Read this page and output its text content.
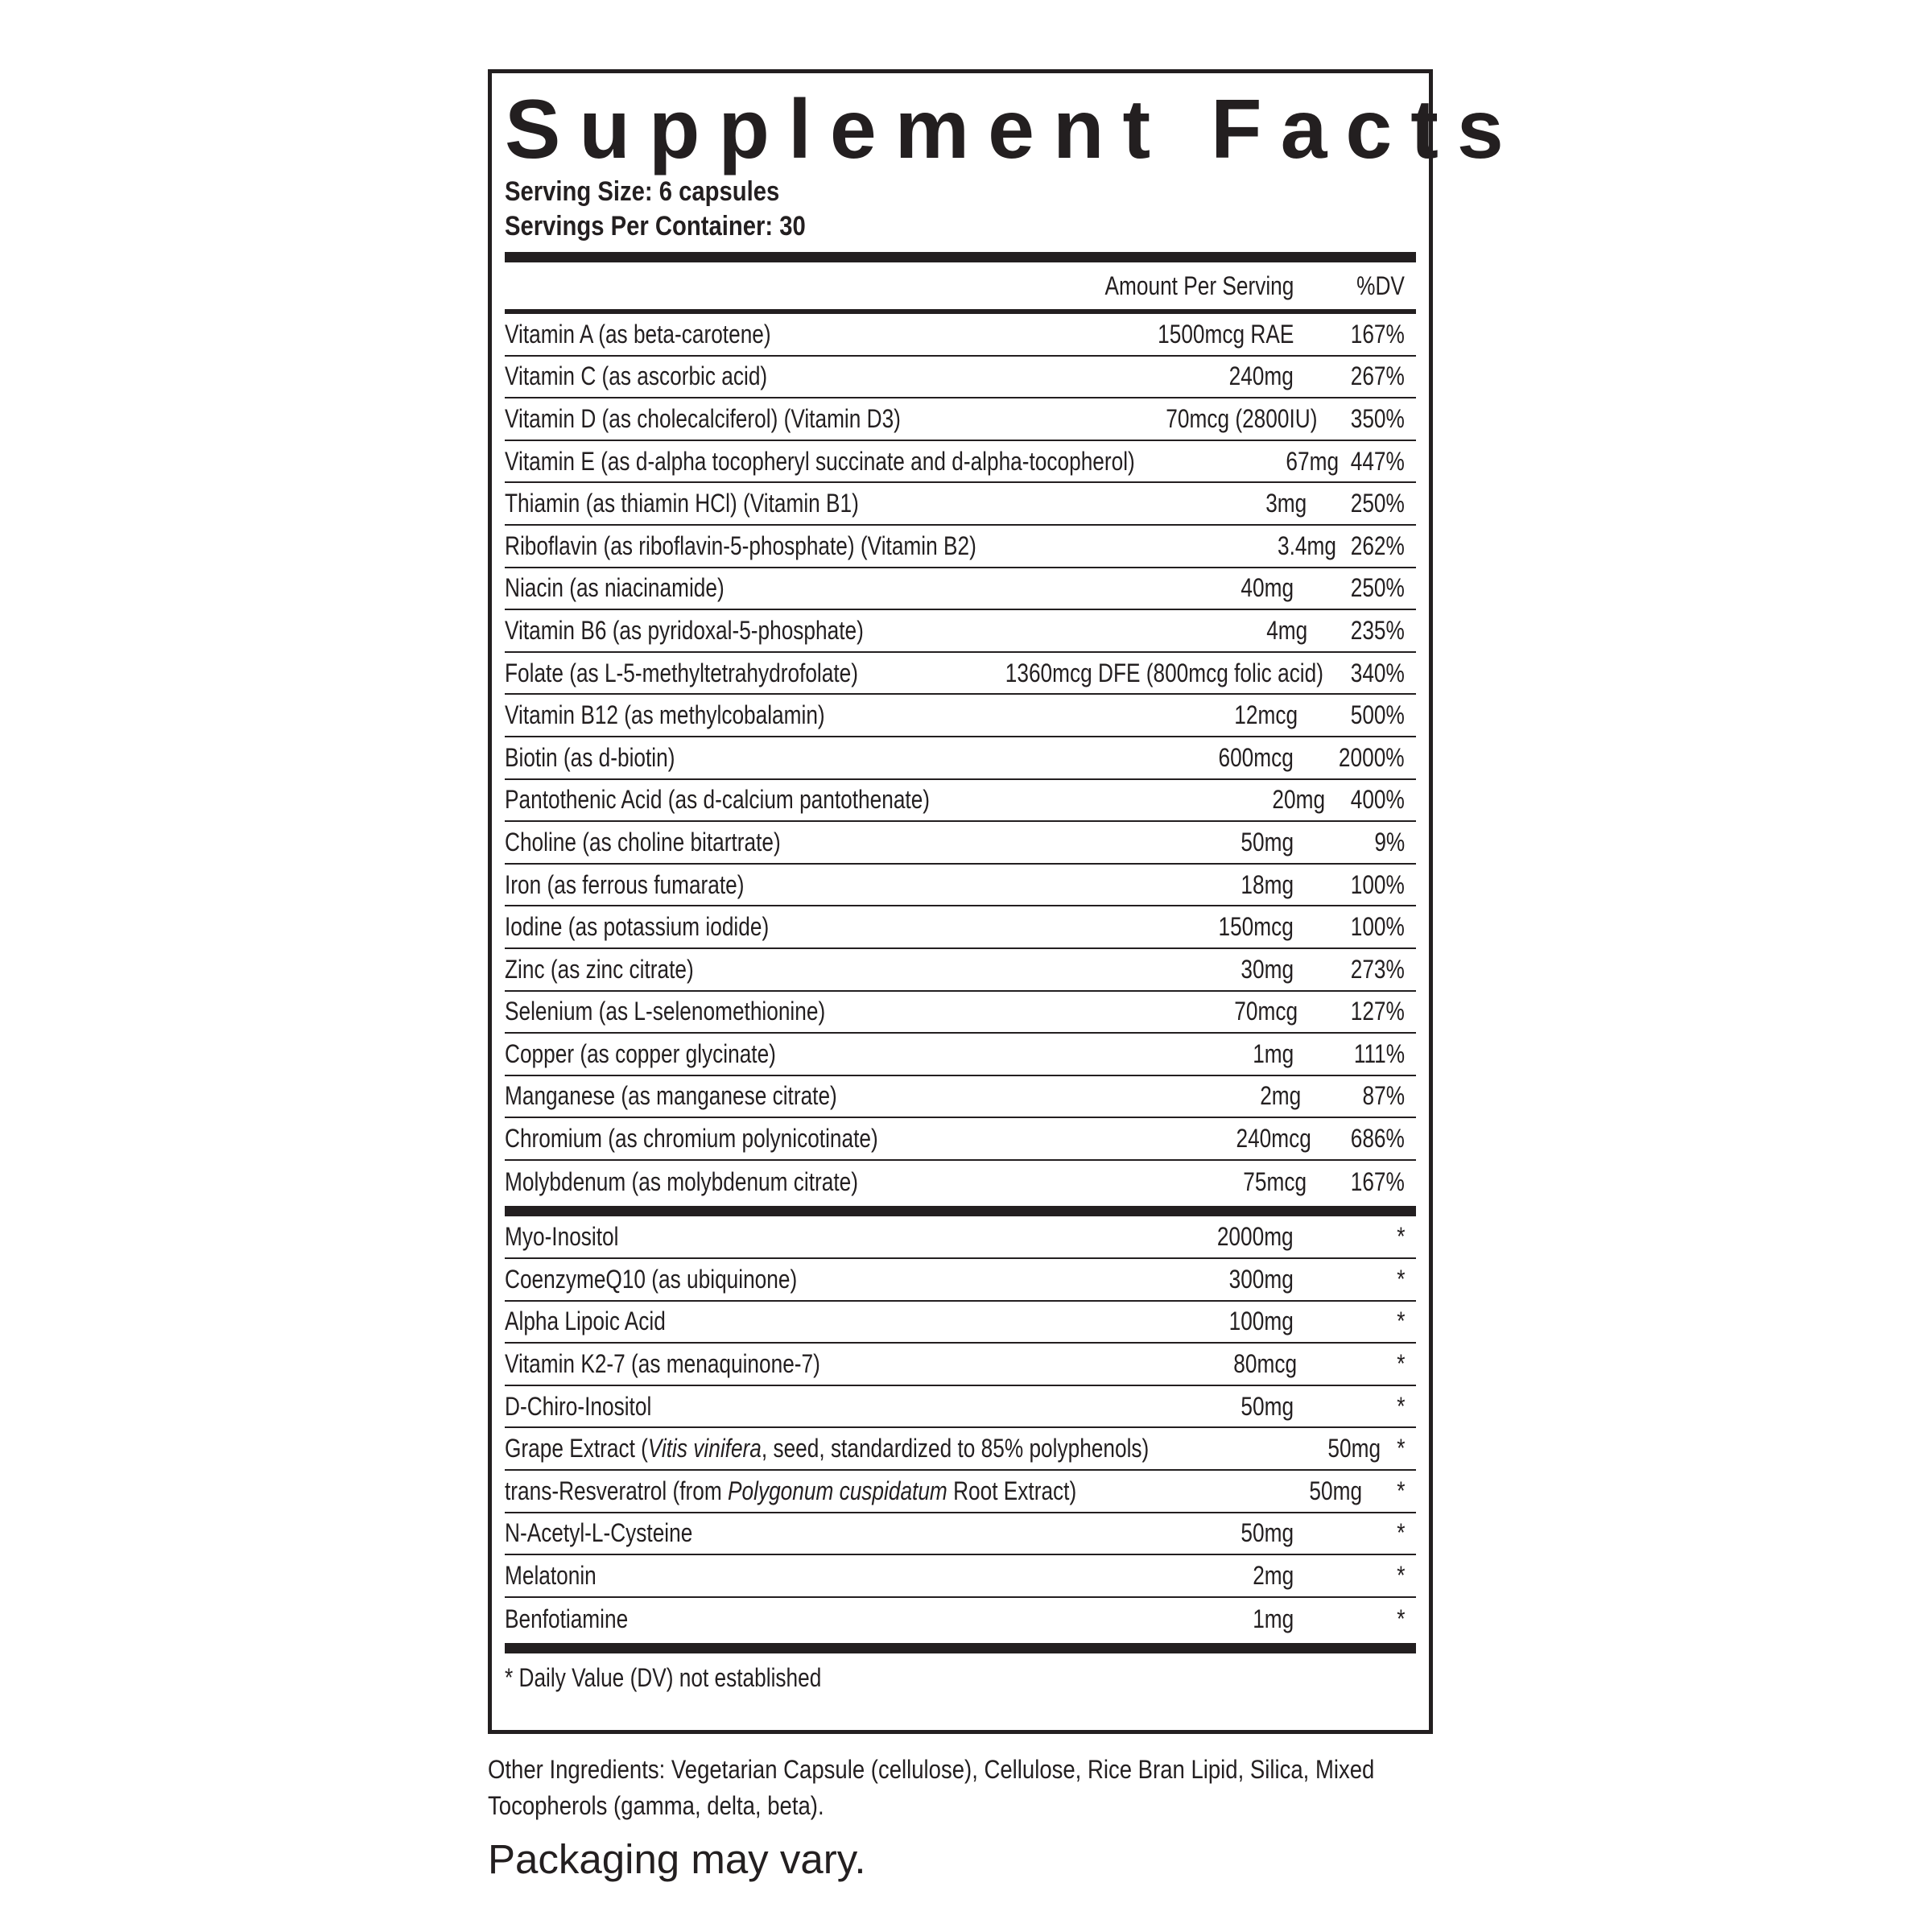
Supplement Facts
Serving Size: 6 capsules
Servings Per Container: 30
Amount Per Serving	%DV
Vitamin A (as beta-carotene)	1500mcg RAE	167%
Vitamin C (as ascorbic acid)	240mg	267%
Vitamin D (as cholecalciferol) (Vitamin D3)	70mcg (2800IU)	350%
Vitamin E (as d-alpha tocopheryl succinate and d-alpha-tocopherol)	67mg 447%
Thiamin (as thiamin HCl) (Vitamin B1)	3mg	250%
Riboflavin (as riboflavin-5-phosphate) (Vitamin B2)	3.4mg 262%
Niacin (as niacinamide)	40mg	250%
Vitamin B6 (as pyridoxal-5-phosphate)	4mg	235%
Folate (as L-5-methyltetrahydrofolate)	1360mcg DFE (800mcg folic acid)	340%
Vitamin B12 (as methylcobalamin)	12mcg	500%
Biotin (as d-biotin)	600mcg	2000%
Pantothenic Acid (as d-calcium pantothenate)	20mg	400%
Choline (as choline bitartrate)	50mg	9%
Iron (as ferrous fumarate)	18mg	100%
Iodine (as potassium iodide)	150mcg	100%
Zinc (as zinc citrate)	30mg	273%
Selenium (as L-selenomethionine)	70mcg	127%
Copper (as copper glycinate)	1mg	111%
Manganese (as manganese citrate)	2mg	87%
Chromium (as chromium polynicotinate)	240mcg	686%
Molybdenum (as molybdenum citrate)	75mcg	167%
Myo-Inositol	2000mg	*
CoenzymeQ10 (as ubiquinone)	300mg	*
Alpha Lipoic Acid	100mg	*
Vitamin K2-7 (as menaquinone-7)	80mcg	*
D-Chiro-Inositol	50mg	*
Grape Extract (Vitis vinifera, seed, standardized to 85% polyphenols)	50mg *
trans-Resveratrol (from Polygonum cuspidatum Root Extract)	50mg	*
N-Acetyl-L-Cysteine	50mg	*
Melatonin	2mg	*
Benfotiamine	1mg	*
* Daily Value (DV) not established
Other Ingredients: Vegetarian Capsule (cellulose), Cellulose, Rice Bran Lipid, Silica, Mixed Tocopherols (gamma, delta, beta).
Packaging may vary.
